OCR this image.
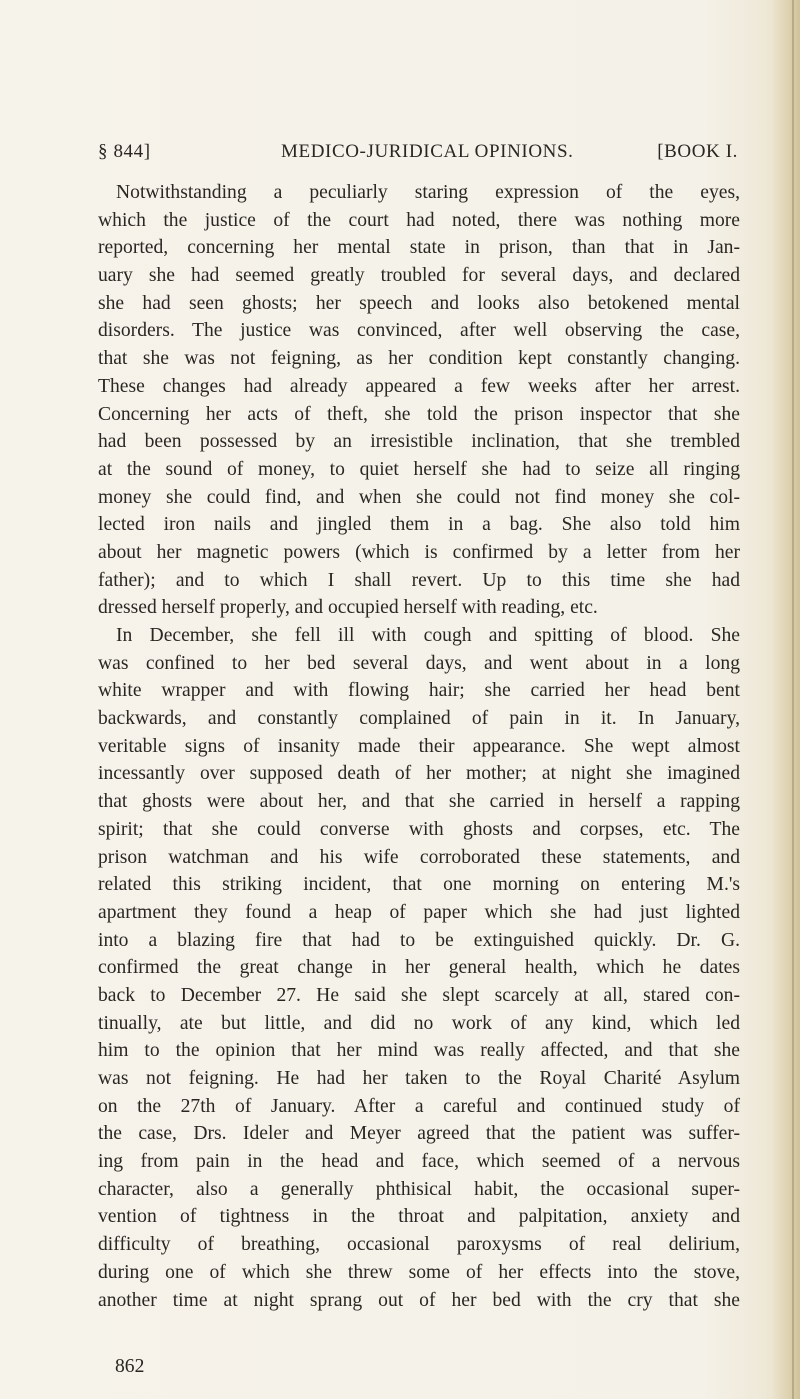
§ 844]	MEDICO-JURIDICAL OPINIONS.	[BOOK I.
Notwithstanding a peculiarly staring expression of the eyes,
which the justice of the court had noted, there was nothing more
reported, concerning her mental state in prison, than that in Jan-
uary she had seemed greatly troubled for several days, and declared
she had seen ghosts; her speech and looks also betokened mental
disorders. The justice was convinced, after well observing the case,
that she was not feigning, as her condition kept constantly changing.
These changes had already appeared a few weeks after her arrest.
Concerning her acts of theft, she told the prison inspector that she
had been possessed by an irresistible inclination, that she trembled
at the sound of money, to quiet herself she had to seize all ringing
money she could find, and when she could not find money she col-
lected iron nails and jingled them in a bag. She also told him
about her magnetic powers (which is confirmed by a letter from her
father); and to which I shall revert. Up to this time she had
dressed herself properly, and occupied herself with reading, etc.
In December, she fell ill with cough and spitting of blood. She
was confined to her bed several days, and went about in a long
white wrapper and with flowing hair; she carried her head bent
backwards, and constantly complained of pain in it. In January,
veritable signs of insanity made their appearance. She wept almost
incessantly over supposed death of her mother; at night she imagined
that ghosts were about her, and that she carried in herself a rapping
spirit; that she could converse with ghosts and corpses, etc. The
prison watchman and his wife corroborated these statements, and
related this striking incident, that one morning on entering M.'s
apartment they found a heap of paper which she had just lighted
into a blazing fire that had to be extinguished quickly. Dr. G.
confirmed the great change in her general health, which he dates
back to December 27. He said she slept scarcely at all, stared con-
tinually, ate but little, and did no work of any kind, which led
him to the opinion that her mind was really affected, and that she
was not feigning. He had her taken to the Royal Charité Asylum
on the 27th of January. After a careful and continued study of
the case, Drs. Ideler and Meyer agreed that the patient was suffer-
ing from pain in the head and face, which seemed of a nervous
character, also a generally phthisical habit, the occasional super-
vention of tightness in the throat and palpitation, anxiety and
difficulty of breathing, occasional paroxysms of real delirium,
during one of which she threw some of her effects into the stove,
another time at night sprang out of her bed with the cry that she
862
